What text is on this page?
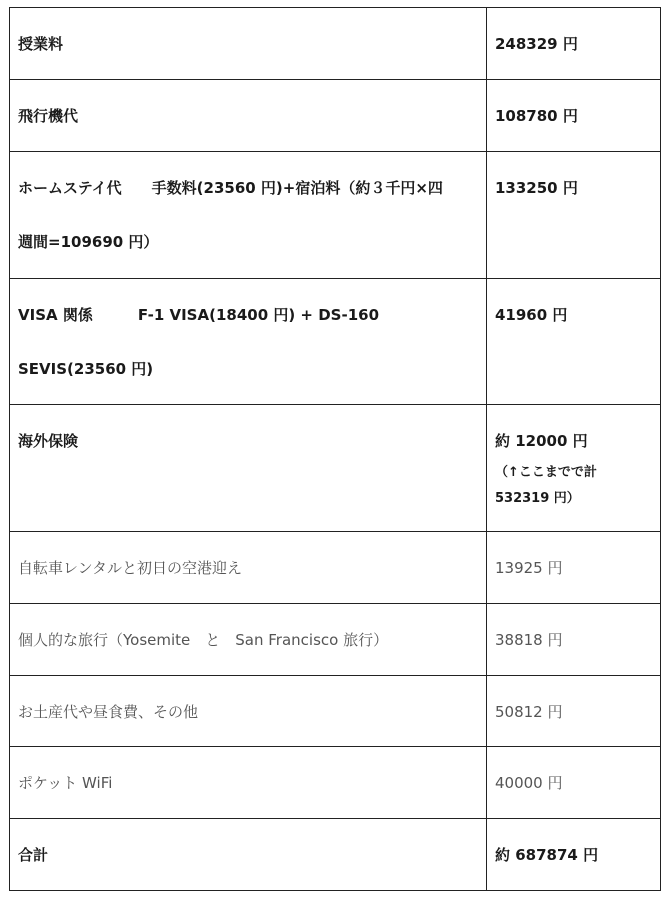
授業料	248329 円

飛行機代	108780 円

ホームステイ代　　手数料(23560 円)+宿泊料（約３千円×四
週間=109690 円）	133250 円

VISA 関係　　　F-1 VISA(18400 円) + DS-160
SEVIS(23560 円)	41960 円

海外保険	約 12000 円
（↑ここまでで計
532319 円）

自転車レンタルと初日の空港迎え	13925 円

個人的な旅行（Yosemite　と　San Francisco 旅行）	38818 円

お土産代や昼食費、その他	50812 円

ポケット WiFi	40000 円

合計	約 687874 円
